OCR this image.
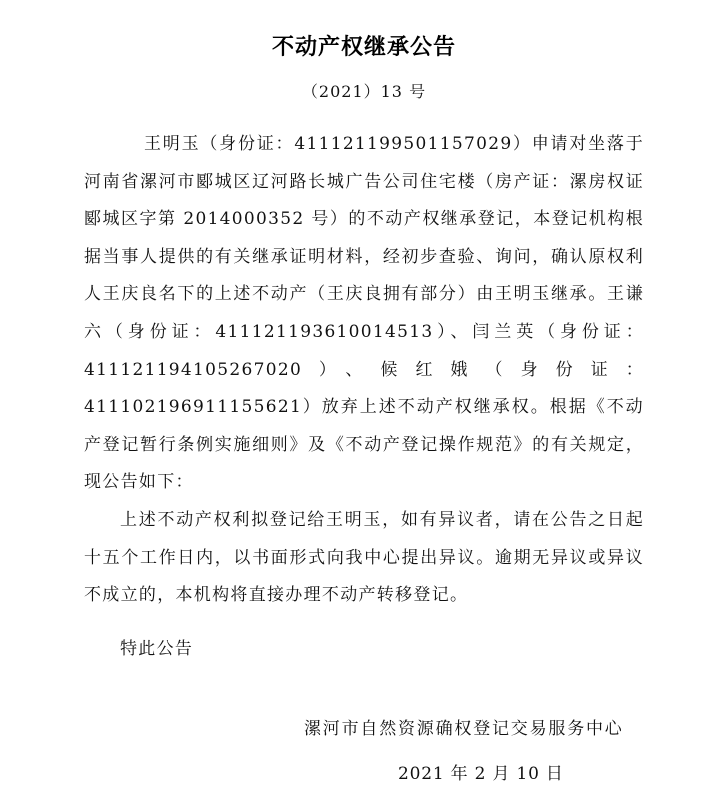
不动产权继承公告
（2021）13 号
王明玉（身份证：411121199501157029）申请对坐落于河南省漯河市郾城区辽河路长城广告公司住宅楼（房产证：漯房权证郾城区字第 2014000352 号）的不动产权继承登记，本登记机构根据当事人提供的有关继承证明材料，经初步查验、询问，确认原权利人王庆良名下的上述不动产（王庆良拥有部分）由王明玉继承。王谦六（身份证：411121193610014513）、闫兰英（身份证：411121194105267020）、候红娥（身份证：411102196911155621）放弃上述不动产权继承权。根据《不动产登记暂行条例实施细则》及《不动产登记操作规范》的有关规定，现公告如下：
上述不动产权利拟登记给王明玉，如有异议者，请在公告之日起十五个工作日内，以书面形式向我中心提出异议。逾期无异议或异议不成立的，本机构将直接办理不动产转移登记。
特此公告
漯河市自然资源确权登记交易服务中心
2021 年 2 月 10 日
